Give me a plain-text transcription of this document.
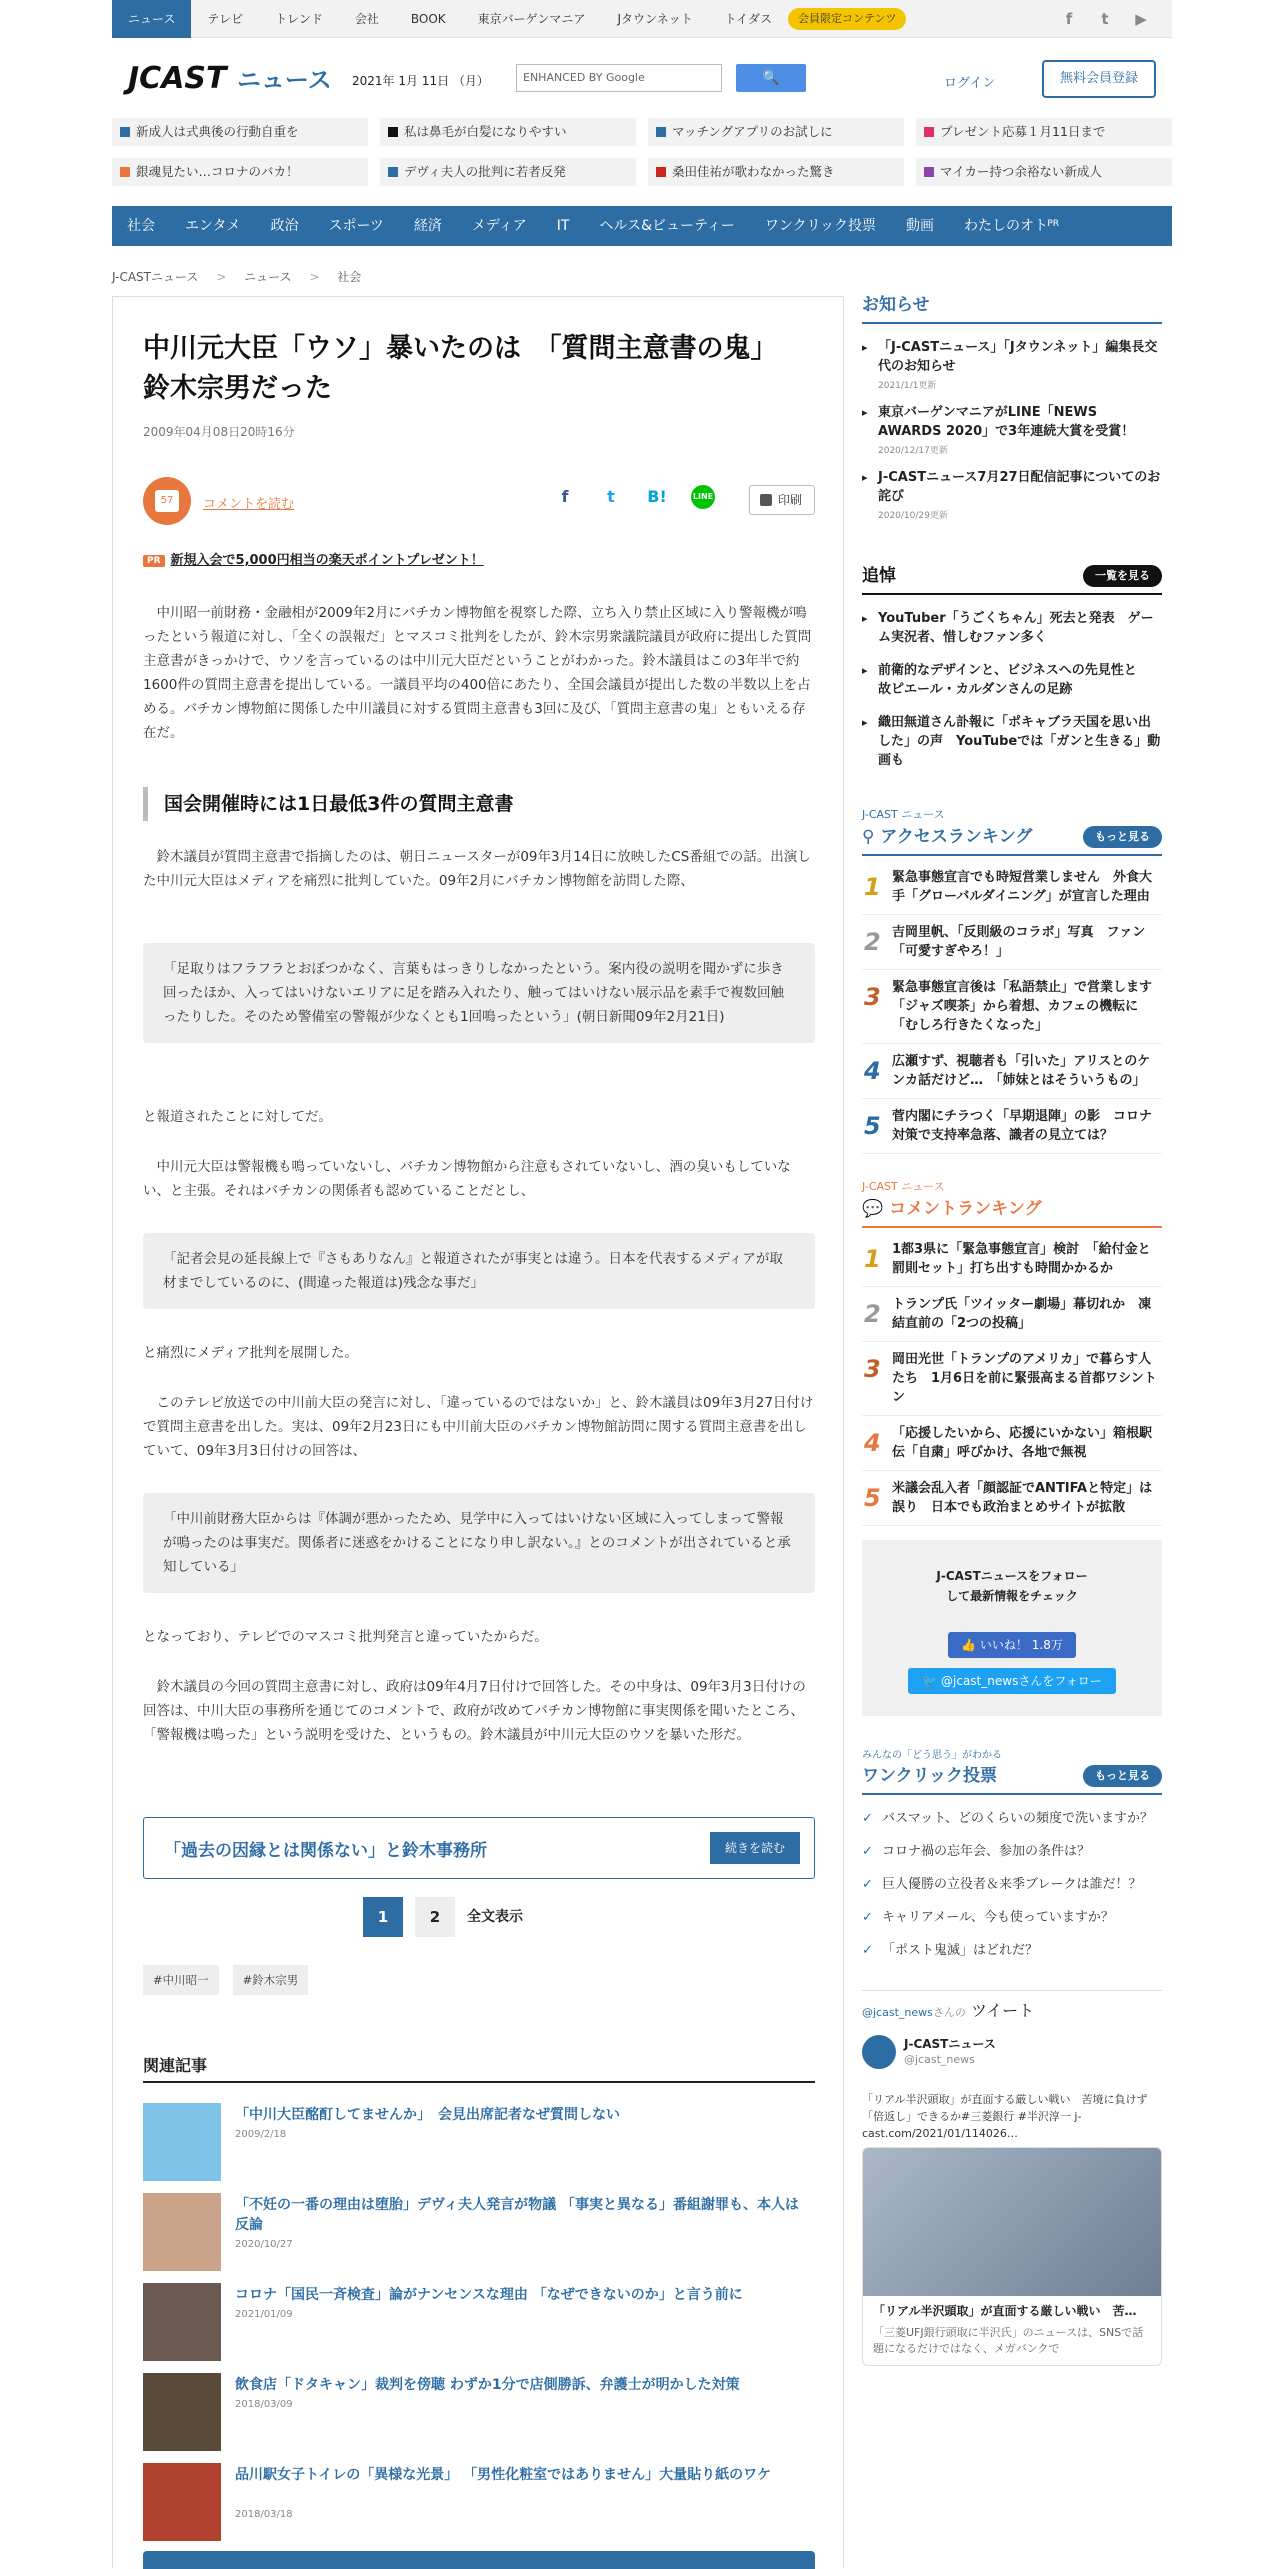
ニュース	テレビ	トレンド	会社	BOOK	東京バーゲンマニア	Jタウンネット	トイダス	会員限定コンテンツ	f	t	▶
JCAST ニュース 2021年 1月 11日 （月）	ENHANCED BY Google	🔍	ログイン	無料会員登録
新成人は式典後の行動自重を	私は鼻毛が白髪になりやすい	マッチングアプリのお試しに	プレゼント応募１月11日まで
銀魂見たい…コロナのバカ！	デヴィ夫人の批判に若者反発	桑田佳祐が歌わなかった驚き	マイカー持つ余裕ない新成人
社会	エンタメ	政治	スポーツ	経済	メディア	IT	ヘルス&ビューティー	ワンクリック投票	動画	わたしのオト PR
J-CASTニュース > ニュース > 社会
中川元大臣「ウソ」暴いたのは　「質問主意書の鬼」鈴木宗男だった
2009年04月08日20時16分
57	コメントを読む	f	t	B!	LINE	印刷
PR 新規入会で5,000円相当の楽天ポイントプレゼント！

　中川昭一前財務・金融相が2009年2月にバチカン博物館を視察した際、立ち入り禁止区域に入り警報機が鳴ったという報道に対し、「全くの誤報だ」とマスコミ批判をしたが、鈴木宗男衆議院議員が政府に提出した質問主意書がきっかけで、ウソを言っているのは中川元大臣だということがわかった。鈴木議員はこの3年半で約1600件の質問主意書を提出している。一議員平均の400倍にあたり、全国会議員が提出した数の半数以上を占める。バチカン博物館に関係した中川議員に対する質問主意書も3回に及び、「質問主意書の鬼」ともいえる存在だ。

国会開催時には1日最低3件の質問主意書

　鈴木議員が質問主意書で指摘したのは、朝日ニュースターが09年3月14日に放映したCS番組での話。出演した中川元大臣はメディアを痛烈に批判していた。09年2月にバチカン博物館を訪問した際、

「足取りはフラフラとおぼつかなく、言葉もはっきりしなかったという。案内役の説明を聞かずに歩き回ったほか、入ってはいけないエリアに足を踏み入れたり、触ってはいけない展示品を素手で複数回触ったりした。そのため警備室の警報が少なくとも1回鳴ったという」(朝日新聞09年2月21日)

と報道されたことに対してだ。

　中川元大臣は警報機も鳴っていないし、バチカン博物館から注意もされていないし、酒の臭いもしていない、と主張。それはバチカンの関係者も認めていることだとし、

「記者会見の延長線上で『さもありなん』と報道されたが事実とは違う。日本を代表するメディアが取材までしているのに、(間違った報道は)残念な事だ」

と痛烈にメディア批判を展開した。

　このテレビ放送での中川前大臣の発言に対し、「違っているのではないか」と、鈴木議員は09年3月27日付けで質問主意書を出した。実は、09年2月23日にも中川前大臣のバチカン博物館訪問に関する質問主意書を出していて、09年3月3日付けの回答は、

「中川前財務大臣からは『体調が悪かったため、見学中に入ってはいけない区域に入ってしまって警報が鳴ったのは事実だ。関係者に迷惑をかけることになり申し訳ない。』とのコメントが出されていると承知している」

となっており、テレビでのマスコミ批判発言と違っていたからだ。

　鈴木議員の今回の質問主意書に対し、政府は09年4月7日付けで回答した。その中身は、09年3月3日付けの回答は、中川大臣の事務所を通じてのコメントで、政府が改めてバチカン博物館に事実関係を聞いたところ、「警報機は鳴った」という説明を受けた、というもの。鈴木議員が中川元大臣のウソを暴いた形だ。

「過去の因縁とは関係ない」と鈴木事務所	続きを読む
1	2	全文表示
#中川昭一	#鈴木宗男
関連記事
「中川大臣酩酊してませんか」　会見出席記者なぜ質問しない
2009/2/18
「不妊の一番の理由は堕胎」デヴィ夫人発言が物議 「事実と異なる」番組謝罪も、本人は反論
2020/10/27
コロナ「国民一斉検査」論がナンセンスな理由 「なぜできないのか」と言う前に
2021/01/09
飲食店「ドタキャン」裁判を傍聴 わずか1分で店側勝訴、弁護士が明かした対策
2018/03/09
品川駅女子トイレの「異様な光景」 「男性化粧室ではありません」大量貼り紙のワケ
2018/03/18
お知らせ
▸ 「J-CASTニュース」「Jタウンネット」編集長交代のお知らせ
2021/1/1更新
▸ 東京バーゲンマニアがLINE「NEWS AWARDS 2020」で3年連続大賞を受賞！
2020/12/17更新
▸ J-CASTニュース7月27日配信記事についてのお詫び
2020/10/29更新
追悼	一覧を見る
▸ YouTuber「うごくちゃん」死去と発表　ゲーム実況者、惜しむファン多く
▸ 前衛的なデザインと、ビジネスへの先見性と　故ピエール・カルダンさんの足跡
▸ 織田無道さん訃報に「ポキャブラ天国を思い出した」の声　YouTubeでは「ガンと生きる」動画も
J-CAST ニュース
⚲ アクセスランキング	もっと見る
1 緊急事態宣言でも時短営業しません　外食大手「グローバルダイニング」が宣言した理由
2 吉岡里帆、「反則級のコラボ」写真　ファン「可愛すぎやろ！」
3 緊急事態宣言後は「私語禁止」で営業します　「ジャズ喫茶」から着想、カフェの機転に「むしろ行きたくなった」
4 広瀬すず、視聴者も「引いた」アリスとのケンカ話だけど…　「姉妹とはそういうもの」
5 菅内閣にチラつく「早期退陣」の影　コロナ対策で支持率急落、識者の見立ては？
J-CAST ニュース
💬 コメントランキング
1 1都3県に「緊急事態宣言」検討　「給付金と罰則セット」打ち出すも時間かかるか
2 トランプ氏「ツイッター劇場」幕切れか　凍結直前の「2つの投稿」
3 岡田光世「トランプのアメリカ」で暮らす人たち　1月6日を前に緊張高まる首都ワシントン
4 「応援したいから、応援にいかない」箱根駅伝「自粛」呼びかけ、各地で無視
5 米議会乱入者「顔認証でANTIFAと特定」は誤り　日本でも政治まとめサイトが拡散
J-CASTニュースをフォローして最新情報をチェック
👍 いいね！ 1.8万
🐦 @jcast_newsさんをフォロー
みんなの「どう思う」がわかる
ワンクリック投票	もっと見る
✓ バスマット、どのくらいの頻度で洗いますか？
✓ コロナ禍の忘年会、参加の条件は？
✓ 巨人優勝の立役者＆来季ブレークは誰だ！？
✓ キャリアメール、今も使っていますか？
✓ 「ポスト鬼滅」はどれだ？
@jcast_newsさんの ツイート
J-CASTニュース
@jcast_news
「リアル半沢頭取」が直面する厳しい戦い　苦境に負けず「倍返し」できるか#三菱銀行 #半沢淳一 j-cast.com/2021/01/114026…
「リアル半沢頭取」が直面する厳しい戦い　苦…
「三菱UFJ銀行頭取に半沢氏」のニュースは、SNSで話題になるだけではなく、メガバンクで
